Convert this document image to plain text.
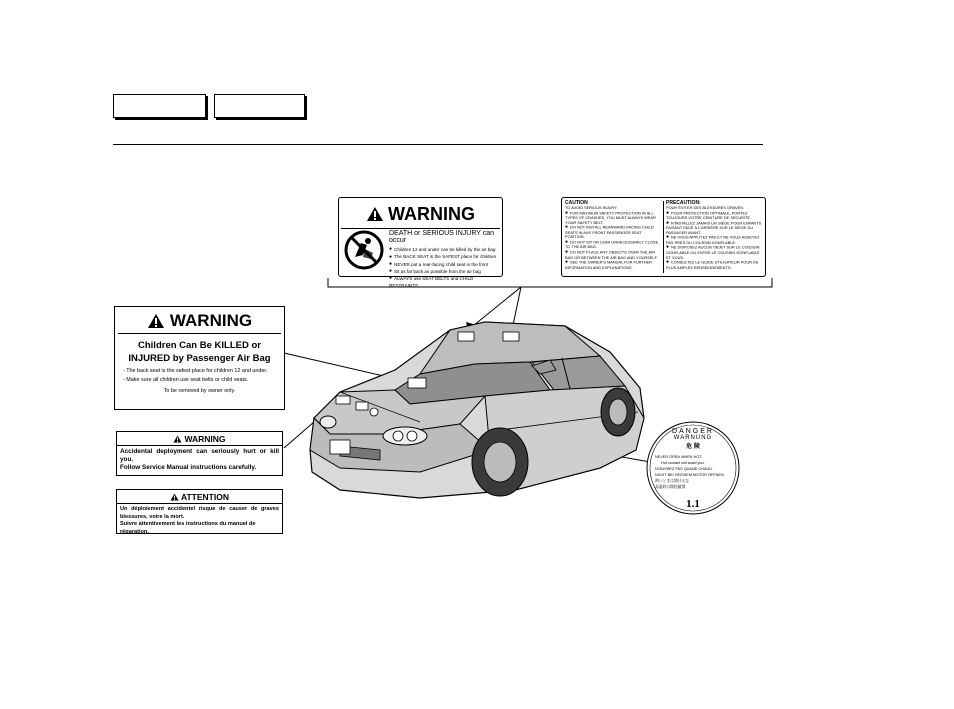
WARNING
DEATH or SERIOUS INJURY can occur
● Children 12 and under can be killed by the air bag
● The BACK SEAT is the SAFEST place for children
● NEVER put a rear-facing child seat in the front
● Sit as far back as possible from the air bag
● ALWAYS use SEAT BELTS and CHILD RESTRAINTS
CAUTION
TO AVOID SERIOUS INJURY:
● FOR MAXIMUM SAFETY PROTECTION IN ALL TYPES OF CRASHES, YOU MUST ALWAYS WEAR YOUR SAFETY BELT.
● DO NOT INSTALL REARWARD-FACING CHILD SEATS IN ANY FRONT PASSENGER SEAT POSITION.
● DO NOT SIT OR LEAN UNNECESSARILY CLOSE TO THE AIR BAG.
● DO NOT PLACE ANY OBJECTS OVER THE AIR BAG OR BETWEEN THE AIR BAG AND YOURSELF.
● SEE THE OWNER'S MANUAL FOR FURTHER INFORMATION AND EXPLANATIONS.
PRECAUTION:
POUR ÉVITER DES BLESSURES GRAVES:
● POUR PROTECTION OPTIMALE, PORTEZ TOUJOURS VOTRE CEINTURE DE SÉCURITÉ.
● N'INSTALLEZ JAMAIS UN SIÈGE POUR ENFANTS FAISANT FACE À L'ARRIÈRE SUR LE SIÈGE DU PASSAGER AVANT.
● NE VOUS APPUYEZ PAS ET NE VOUS ASSEYEZ PAS PRÈS DU COUSSIN GONFLABLE.
● NE DISPOSEZ AUCUN OBJET SUR LE COUSSIN GONFLABLE OU ENTRE LE COUSSIN GONFLABLE ET VOUS.
● CONSULTEZ LE GUIDE UTILISATEUR POUR DE PLUS AMPLES RENSEIGNEMENTS.
WARNING
Children Can Be KILLED or
INJURED by Passenger Air Bag
- The back seat is the safest place for children 12 and under.
- Make sure all children use seat belts or child seats.
To be removed by owner only.
WARNING
Accidental deployment can seriously hurt or kill you.
Follow Service Manual instructions carefully.
ATTENTION
Un déploiement accidentel risque de causer de graves blessures, voire la mort.
Suivre attentivement les instructions du manuel de réparation.
DANGER
WARNUNG
危 険
NEVER OPEN WHEN HOT.
Hot coolant will scald you.
N'OUVREZ PAS QUAND CHAUD.
NICHT BEI HEISSEM MOTOR ÖFFNEN.
熱いときは開けるな
高温時は開栓厳禁
1.1
